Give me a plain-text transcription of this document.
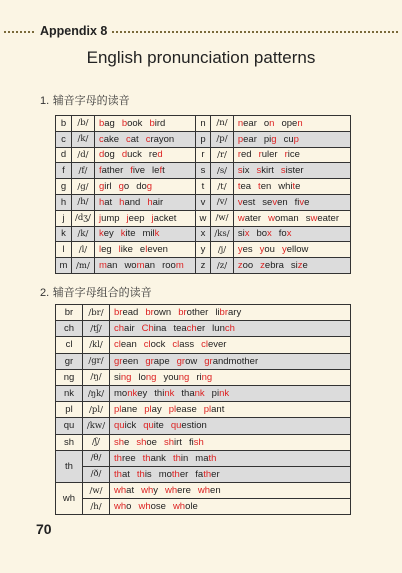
Appendix 8
English pronunciation patterns
1. 辅音字母的读音
b	/b/	bag book bird	n	/n/	near on open
c	/k/	cake cat crayon	p	/p/	pear pig cup
d	/d/	dog duck red	r	/r/	red ruler rice
f	/f/	father five left	s	/s/	six skirt sister
g	/g/	girl go dog	t	/t/	tea ten white
h	/h/	hat hand hair	v	/v/	vest seven five
j	/dʒ/	jump jeep jacket	w	/w/	water woman sweater
k	/k/	key kite milk	x	/ks/	six box fox
l	/l/	leg like eleven	y	/j/	yes you yellow
m	/m/	man woman room	z	/z/	zoo zebra size
2. 辅音字母组合的读音
br	/br/	bread brown brother library
ch	/tʃ/	chair China teacher lunch
cl	/kl/	clean clock class clever
gr	/gr/	green grape grow grandmother
ng	/ŋ/	sing long young ring
nk	/ŋk/	monkey think thank pink
pl	/pl/	plane play please plant
qu	/kw/	quick quite question
sh	/ʃ/	she shoe shirt fish
th	/θ/	three thank thin math
	/ð/	that this mother father
wh	/w/	what why where when
	/h/	who whose whole
70
